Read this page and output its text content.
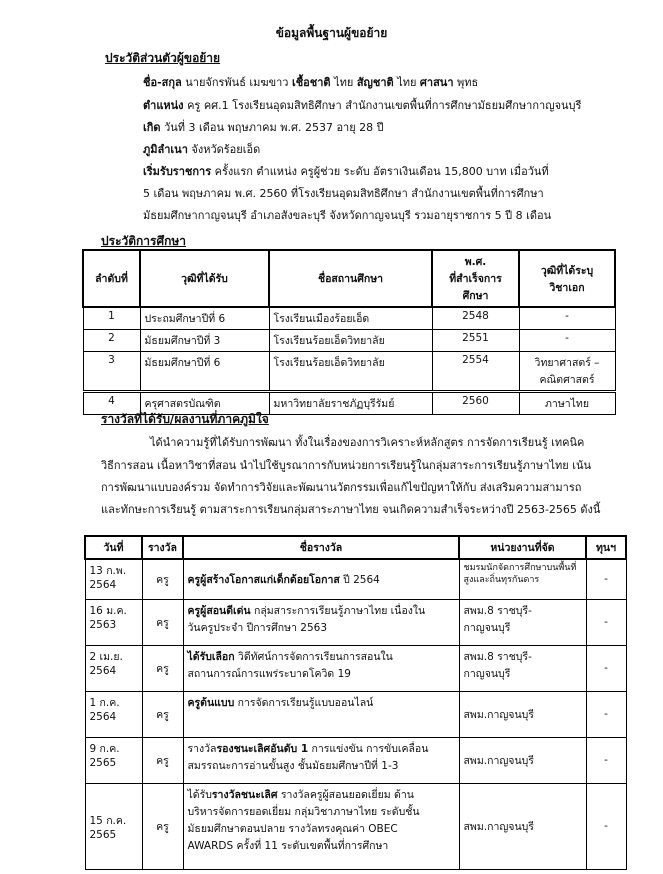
ข้อมูลพื้นฐานผู้ขอย้าย
ประวัติส่วนตัวผู้ขอย้าย
ชื่อ-สกุล นายจักรพันธ์ เมฆขาว เชื้อชาติ ไทย สัญชาติ ไทย ศาสนา พุทธ
ตำแหน่ง ครู คศ.1 โรงเรียนอุดมสิทธิศึกษา สำนักงานเขตพื้นที่การศึกษามัธยมศึกษากาญจนบุรี
เกิด วันที่ 3 เดือน พฤษภาคม พ.ศ. 2537 อายุ 28 ปี
ภูมิลำเนา จังหวัดร้อยเอ็ด
เริ่มรับราชการ ครั้งแรก ตำแหน่ง ครูผู้ช่วย ระดับ อัตราเงินเดือน 15,800 บาท เมื่อวันที่
5 เดือน พฤษภาคม พ.ศ. 2560 ที่โรงเรียนอุดมสิทธิศึกษา สำนักงานเขตพื้นที่การศึกษา
มัธยมศึกษากาญจนบุรี อำเภอสังขละบุรี จังหวัดกาญจนบุรี รวมอายุราชการ 5 ปี 8 เดือน
ประวัติการศึกษา
ลำดับที่	วุฒิที่ได้รับ	ชื่อสถานศึกษา	พ.ศ.
ที่สำเร็จการศึกษา	วุฒิที่ได้ระบุ
วิชาเอก
1	ประถมศึกษาปีที่ 6	โรงเรียนเมืองร้อยเอ็ด	2548	-
2	มัธยมศึกษาปีที่ 3	โรงเรียนร้อยเอ็ดวิทยาลัย	2551	-
3	มัธยมศึกษาปีที่ 6	โรงเรียนร้อยเอ็ดวิทยาลัย	2554	วิทยาศาสตร์ –
คณิตศาสตร์
4	ครุศาสตรบัณฑิต	มหาวิทยาลัยราชภัฏบุรีรัมย์	2560	ภาษาไทย
รางวัลที่ได้รับ/ผลงานที่ภาคภูมิใจ
ได้นำความรู้ที่ได้รับการพัฒนา ทั้งในเรื่องของการวิเคราะห์หลักสูตร การจัดการเรียนรู้ เทคนิค
วิธีการสอน เนื้อหาวิชาที่สอน นำไปใช้บูรณาการกับหน่วยการเรียนรู้ในกลุ่มสาระการเรียนรู้ภาษาไทย เน้น
การพัฒนาแบบองค์รวม จัดทำการวิจัยและพัฒนานวัตกรรมเพื่อแก้ไขปัญหาให้กับ ส่งเสริมความสามารถ
และทักษะการเรียนรู้ ตามสาระการเรียนกลุ่มสาระภาษาไทย จนเกิดความสำเร็จระหว่างปี 2563-2565 ดังนี้
วันที่	รางวัล	ชื่อรางวัล	หน่วยงานที่จัด	ทุนฯ
13 ก.พ.
2564	ครู	ครูผู้สร้างโอกาสแก่เด็กด้อยโอกาส ปี 2564	ชมรมนักจัดการศึกษาบนพื้นที่สูงและถิ่นทุรกันดาร	-
16 ม.ค.
2563	ครู	ครูผู้สอนดีเด่น กลุ่มสาระการเรียนรู้ภาษาไทย เนื่องใน
วันครูประจำ ปีการศึกษา 2563	สพม.8 ราชบุรี-
กาญจนบุรี	-
2 เม.ย.
2564	ครู	ได้รับเลือก วิดีทัศน์การจัดการเรียนการสอนใน
สถานการณ์การแพร่ระบาดโควิด 19	สพม.8 ราชบุรี-
กาญจนบุรี	-
1 ก.ค.
2564	ครู	ครูต้นแบบ การจัดการเรียนรู้แบบออนไลน์	สพม.กาญจนบุรี	-
9 ก.ค.
2565	ครู	รางวัลรองชนะเลิศอันดับ 1 การแข่งขัน การขับเคลื่อน
สมรรถนะการอ่านขั้นสูง ชั้นมัธยมศึกษาปีที่ 1-3	สพม.กาญจนบุรี	-
15 ก.ค.
2565	ครู	ได้รับรางวัลชนะเลิศ รางวัลครูผู้สอนยอดเยี่ยม ด้าน
บริหารจัดการยอดเยี่ยม กลุ่มวิชาภาษาไทย ระดับชั้น
มัธยมศึกษาตอนปลาย รางวัลทรงคุณค่า OBEC
AWARDS ครั้งที่ 11 ระดับเขตพื้นที่การศึกษา	สพม.กาญจนบุรี	-
